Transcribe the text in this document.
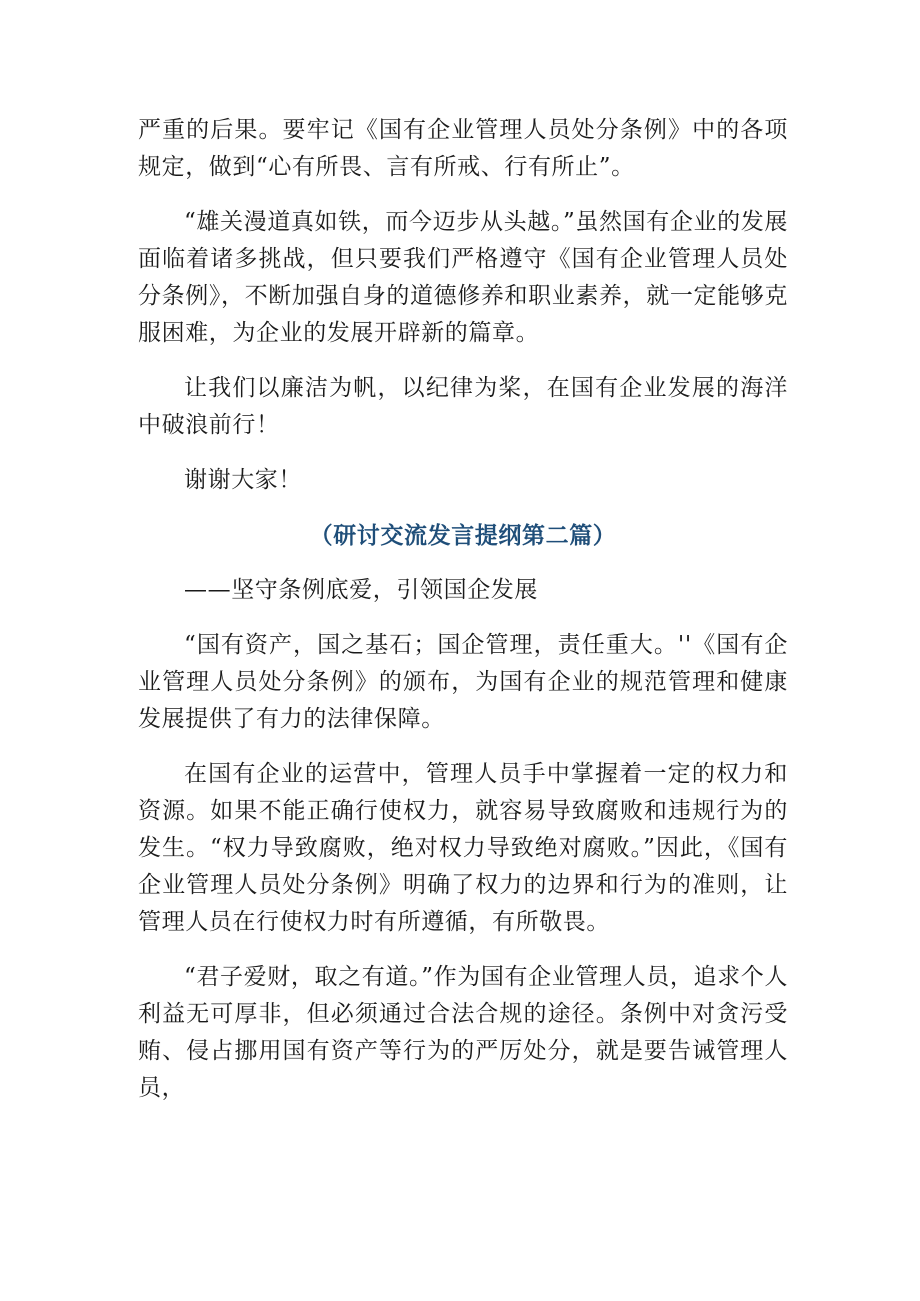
严重的后果。要牢记《国有企业管理人员处分条例》中的各项规定，做到“心有所畏、言有所戒、行有所止”。

“雄关漫道真如铁，而今迈步从头越。”虽然国有企业的发展面临着诸多挑战，但只要我们严格遵守《国有企业管理人员处分条例》，不断加强自身的道德修养和职业素养，就一定能够克服困难，为企业的发展开辟新的篇章。

让我们以廉洁为帆，以纪律为桨，在国有企业发展的海洋中破浪前行！

谢谢大家！

（研讨交流发言提纲第二篇）

——坚守条例底爱，引领国企发展

“国有资产，国之基石；国企管理，责任重大。''《国有企业管理人员处分条例》的颁布，为国有企业的规范管理和健康发展提供了有力的法律保障。

在国有企业的运营中，管理人员手中掌握着一定的权力和资源。如果不能正确行使权力，就容易导致腐败和违规行为的发生。“权力导致腐败，绝对权力导致绝对腐败。”因此，《国有企业管理人员处分条例》明确了权力的边界和行为的准则，让管理人员在行使权力时有所遵循，有所敬畏。

“君子爱财，取之有道。”作为国有企业管理人员，追求个人利益无可厚非，但必须通过合法合规的途径。条例中对贪污受贿、侵占挪用国有资产等行为的严厉处分，就是要告诫管理人员，
